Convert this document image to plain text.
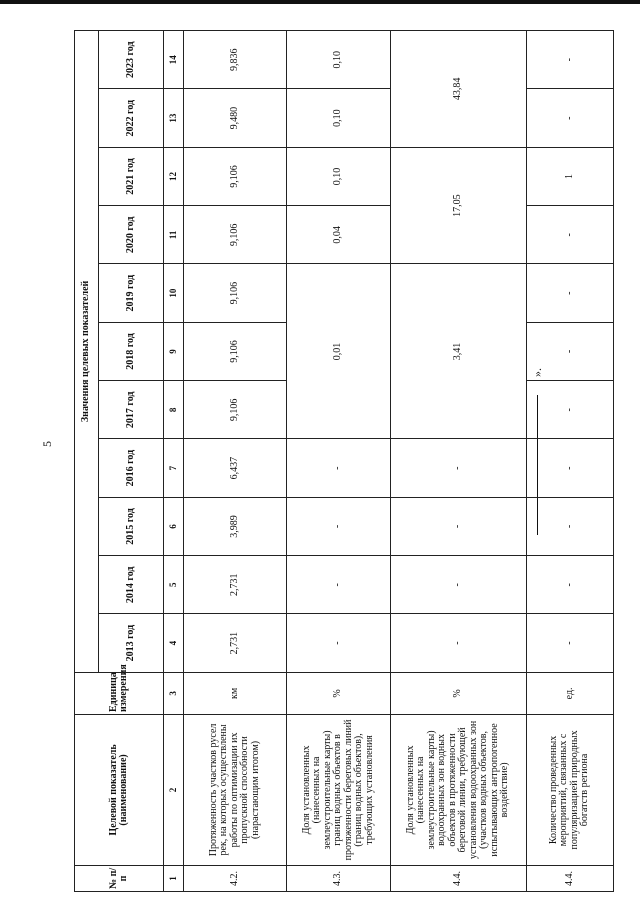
5
».
№ п/п	Целевой показатель (наименование)	Единица измерения	Значения целевых показателей										
			2013 год	2014 год	2015 год	2016 год	2017 год	2018 год	2019 год	2020 год	2021 год	2022 год	2023 год
1	2	3	4	5	6	7	8	9	10	11	12	13	14
4.2.	Протяженность участков русел рек, на которых осуществлены работы по оптимизации их пропускной способности (нарастающим итогом)	км	2,731	2,731	3,989	6,437	9,106	9,106	9,106	9,106	9,106	9,480	9,836
4.3.	Доля установленных (нанесенных на землеустроительные карты) границ водных объектов в протяженности береговых линий (границ водных объектов), требующих установления	%	-	-	-	-	0,01			0,04	0,10	0,10	0,10
4.4.	Доля установленных (нанесенных на землеустроительные карты) водоохранных зон водных объектов в протяженности береговой линии, требующей установления водоохранных зон (участков водных объектов, испытывающих антропогенное воздействие)	%	-	-	-	-	3,41			17,05		43,84	
4.4.	Количество проведенных мероприятий, связанных с популяризацией природных богатств региона	ед.	-	-	-	-	-	-	-	-	1	-	-
